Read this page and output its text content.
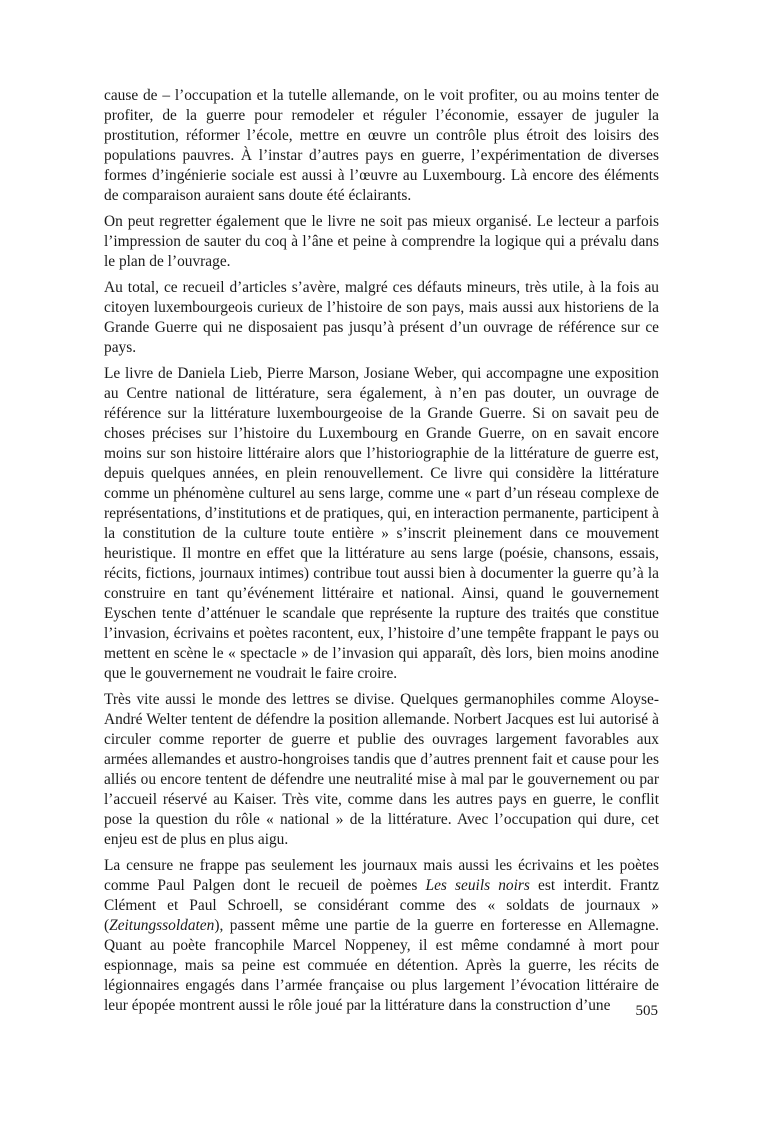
cause de – l’occupation et la tutelle allemande, on le voit profiter, ou au moins tenter de profiter, de la guerre pour remodeler et réguler l’économie, essayer de juguler la prostitution, réformer l’école, mettre en œuvre un contrôle plus étroit des loisirs des populations pauvres. À l’instar d’autres pays en guerre, l’expérimentation de diverses formes d’ingénierie sociale est aussi à l’œuvre au Luxembourg. Là encore des éléments de comparaison auraient sans doute été éclairants.

On peut regretter également que le livre ne soit pas mieux organisé. Le lecteur a parfois l’impression de sauter du coq à l’âne et peine à comprendre la logique qui a prévalu dans le plan de l’ouvrage.

Au total, ce recueil d’articles s’avère, malgré ces défauts mineurs, très utile, à la fois au citoyen luxembourgeois curieux de l’histoire de son pays, mais aussi aux historiens de la Grande Guerre qui ne disposaient pas jusqu’à présent d’un ouvrage de référence sur ce pays.

Le livre de Daniela Lieb, Pierre Marson, Josiane Weber, qui accompagne une exposition au Centre national de littérature, sera également, à n’en pas douter, un ouvrage de référence sur la littérature luxembourgeoise de la Grande Guerre. Si on savait peu de choses précises sur l’histoire du Luxembourg en Grande Guerre, on en savait encore moins sur son histoire littéraire alors que l’historiographie de la littérature de guerre est, depuis quelques années, en plein renouvellement. Ce livre qui considère la littérature comme un phénomène culturel au sens large, comme une « part d’un réseau complexe de représentations, d’institutions et de pratiques, qui, en interaction permanente, participent à la constitution de la culture toute entière » s’inscrit pleinement dans ce mouvement heuristique. Il montre en effet que la littérature au sens large (poésie, chansons, essais, récits, fictions, journaux intimes) contribue tout aussi bien à documenter la guerre qu’à la construire en tant qu’événement littéraire et national. Ainsi, quand le gouvernement Eyschen tente d’atténuer le scandale que représente la rupture des traités que constitue l’invasion, écrivains et poètes racontent, eux, l’histoire d’une tempête frappant le pays ou mettent en scène le « spectacle » de l’invasion qui apparaît, dès lors, bien moins anodine que le gouvernement ne voudrait le faire croire.

Très vite aussi le monde des lettres se divise. Quelques germanophiles comme Aloyse-André Welter tentent de défendre la position allemande. Norbert Jacques est lui autorisé à circuler comme reporter de guerre et publie des ouvrages largement favorables aux armées allemandes et austro-hongroises tandis que d’autres prennent fait et cause pour les alliés ou encore tentent de défendre une neutralité mise à mal par le gouvernement ou par l’accueil réservé au Kaiser. Très vite, comme dans les autres pays en guerre, le conflit pose la question du rôle « national » de la littérature. Avec l’occupation qui dure, cet enjeu est de plus en plus aigu.

La censure ne frappe pas seulement les journaux mais aussi les écrivains et les poètes comme Paul Palgen dont le recueil de poèmes Les seuils noirs est interdit. Frantz Clément et Paul Schroell, se considérant comme des « soldats de journaux » (Zeitungssoldaten), passent même une partie de la guerre en forteresse en Allemagne. Quant au poète francophile Marcel Noppeney, il est même condamné à mort pour espionnage, mais sa peine est commuée en détention. Après la guerre, les récits de légionnaires engagés dans l’armée française ou plus largement l’évocation littéraire de leur épopée montrent aussi le rôle joué par la littérature dans la construction d’une	505
